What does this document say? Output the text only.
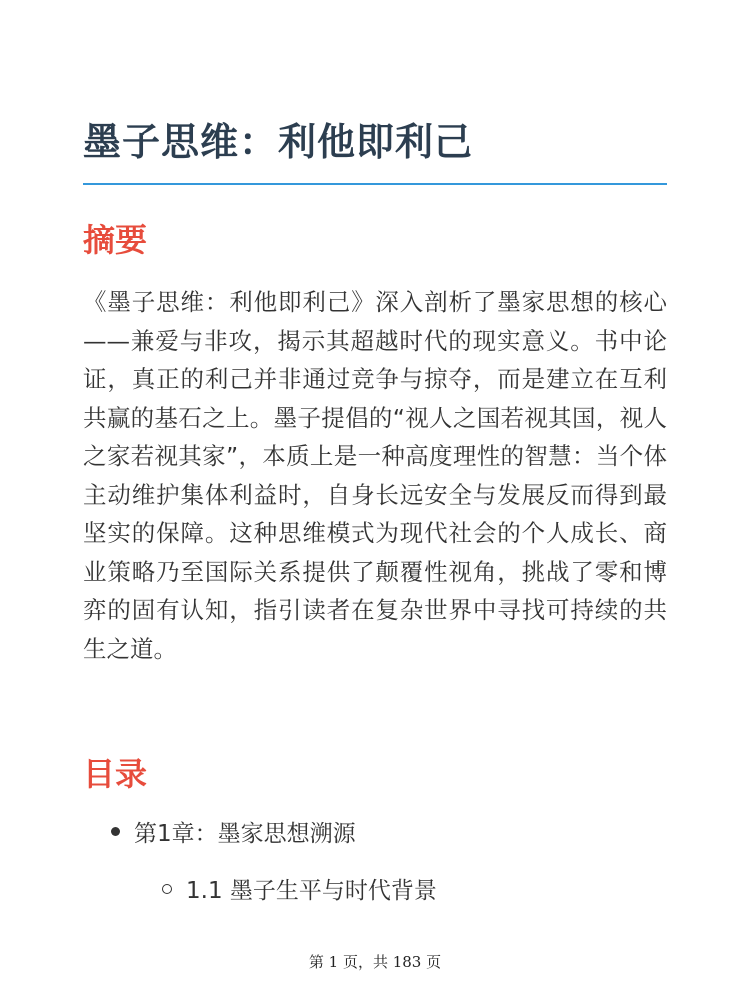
墨子思维：利他即利己
摘要

《墨子思维：利他即利己》深入剖析了墨家思想的核心——兼爱与非攻，揭示其超越时代的现实意义。书中论证，真正的利己并非通过竞争与掠夺，而是建立在互利共赢的基石之上。墨子提倡的“视人之国若视其国，视人之家若视其家”，本质上是一种高度理性的智慧：当个体主动维护集体利益时，自身长远安全与发展反而得到最坚实的保障。这种思维模式为现代社会的个人成长、商业策略乃至国际关系提供了颠覆性视角，挑战了零和博弈的固有认知，指引读者在复杂世界中寻找可持续的共生之道。

目录
第1章：墨家思想溯源
1.1 墨子生平与时代背景
第 1 页，共 183 页
